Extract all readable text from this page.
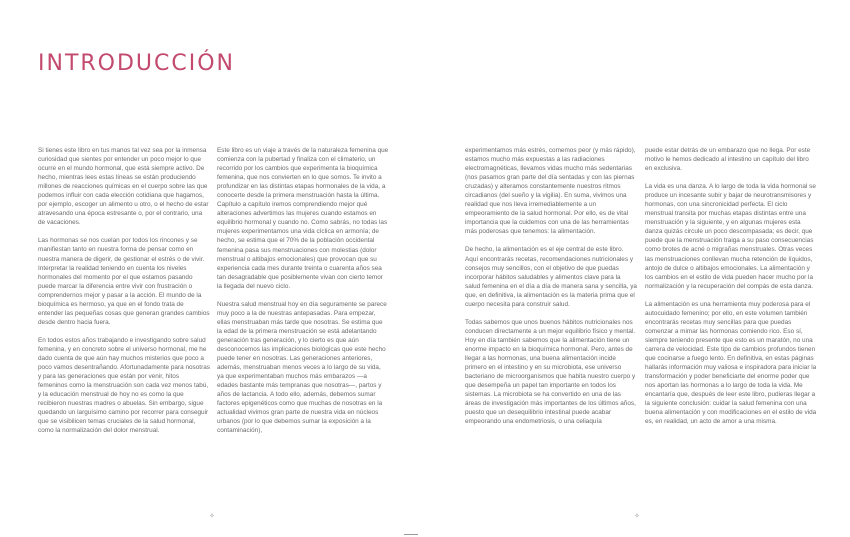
INTRODUCCIÓN

Si tienes este libro en tus manos tal vez sea por la inmensa curiosidad que sientes por entender un poco mejor lo que ocurre en el mundo hormonal, que está siempre activo. De hecho, mientras lees estas líneas se están produciendo millones de reacciones químicas en el cuerpo sobre las que podemos influir con cada elección cotidiana que hagamos, por ejemplo, escoger un alimento u otro, o el hecho de estar atravesando una época estresante o, por el contrario, una de vacaciones.

Las hormonas se nos cuelan por todos los rincones y se manifiestan tanto en nuestra forma de pensar como en nuestra manera de digerir, de gestionar el estrés o de vivir. Interpretar la realidad teniendo en cuenta los niveles hormonales del momento por el que estamos pasando puede marcar la diferencia entre vivir con frustración o comprendernos mejor y pasar a la acción. El mundo de la bioquímica es hermoso, ya que en el fondo trata de entender las pequeñas cosas que generan grandes cambios desde dentro hacia fuera.

En todos estos años trabajando e investigando sobre salud femenina, y en concreto sobre el universo hormonal, me he dado cuenta de que aún hay muchos misterios que poco a poco vamos desentrañando. Afortunadamente para nosotras y para las generaciones que están por venir, hitos femeninos como la menstruación son cada vez menos tabú, y la educación menstrual de hoy no es como la que recibieron nuestras madres o abuelas. Sin embargo, sigue quedando un larguísimo camino por recorrer para conseguir que se visibilicen temas cruciales de la salud hormonal, como la normalización del dolor menstrual.

Este libro es un viaje a través de la naturaleza femenina que comienza con la pubertad y finaliza con el climaterio, un recorrido por los cambios que experimenta la bioquímica femenina, que nos convierten en lo que somos. Te invito a profundizar en las distintas etapas hormonales de la vida, a conocerte desde la primera menstruación hasta la última. Capítulo a capítulo iremos comprendiendo mejor qué alteraciones advertimos las mujeres cuando estamos en equilibrio hormonal y cuando no. Como sabrás, no todas las mujeres experimentamos una vida cíclica en armonía; de hecho, se estima que el 70% de la población occidental femenina pasa sus menstruaciones con molestias (dolor menstrual o altibajos emocionales) que provocan que su experiencia cada mes durante treinta o cuarenta años sea tan desagradable que posiblemente vivan con cierto temor la llegada del nuevo ciclo.

Nuestra salud menstrual hoy en día seguramente se parece muy poco a la de nuestras antepasadas. Para empezar, ellas menstruaban más tarde que nosotras. Se estima que la edad de la primera menstruación se está adelantando generación tras generación, y lo cierto es que aún desconocemos las implicaciones biológicas que este hecho puede tener en nosotras. Las generaciones anteriores, además, menstruaban menos veces a lo largo de su vida, ya que experimentaban muchos más embarazos —a edades bastante más tempranas que nosotras—, partos y años de lactancia. A todo ello, además, debemos sumar factores epigenéticos como que muchas de nosotras en la actualidad vivimos gran parte de nuestra vida en núcleos urbanos (por lo que debemos sumar la exposición a la contaminación),

experimentamos más estrés, comemos peor (y más rápido), estamos mucho más expuestas a las radiaciones electromagnéticas, llevamos vidas mucho más sedentarias (nos pasamos gran parte del día sentadas y con las piernas cruzadas) y alteramos constantemente nuestros ritmos circadianos (del sueño y la vigilia). En suma, vivimos una realidad que nos lleva irremediablemente a un empeoramiento de la salud hormonal. Por ello, es de vital importancia que la cuidemos con una de las herramientas más poderosas que tenemos: la alimentación.

De hecho, la alimentación es el eje central de este libro. Aquí encontrarás recetas, recomendaciones nutricionales y consejos muy sencillos, con el objetivo de que puedas incorporar hábitos saludables y alimentos clave para la salud femenina en el día a día de manera sana y sencilla, ya que, en definitiva, la alimentación es la materia prima que el cuerpo necesita para construir salud.

Todas sabemos que unos buenos hábitos nutricionales nos conducen directamente a un mejor equilibrio físico y mental. Hoy en día también sabemos que la alimentación tiene un enorme impacto en la bioquímica hormonal. Pero, antes de llegar a las hormonas, una buena alimentación incide primero en el intestino y en su microbiota, ese universo bacteriano de microorganismos que habita nuestro cuerpo y que desempeña un papel tan importante en todos los sistemas. La microbiota se ha convertido en una de las áreas de investigación más importantes de los últimos años, puesto que un desequilibrio intestinal puede acabar empeorando una endometriosis, o una celiaquía

puede estar detrás de un embarazo que no llega. Por este motivo le hemos dedicado al intestino un capítulo del libro en exclusiva.

La vida es una danza. A lo largo de toda la vida hormonal se produce un incesante subir y bajar de neurotransmisores y hormonas, con una sincronicidad perfecta. El ciclo menstrual transita por muchas etapas distintas entre una menstruación y la siguiente, y en algunas mujeres esta danza quizás circule un poco descompasada; es decir, que puede que la menstruación traiga a su paso consecuencias como brotes de acné o migrañas menstruales. Otras veces las menstruaciones conllevan mucha retención de líquidos, antojo de dulce o altibajos emocionales. La alimentación y los cambios en el estilo de vida pueden hacer mucho por la normalización y la recuperación del compás de esta danza.

La alimentación es una herramienta muy poderosa para el autocuidado femenino; por ello, en este volumen también encontrarás recetas muy sencillas para que puedas comenzar a mimar las hormonas comiendo rico. Eso sí, siempre teniendo presente que esto es un maratón, no una carrera de velocidad. Este tipo de cambios profundos tienen que cocinarse a fuego lento. En definitiva, en estas páginas hallarás información muy valiosa e inspiradora para iniciar la transformación y poder beneficiarte del enorme poder que nos aportan las hormonas a lo largo de toda la vida. Me encantaría que, después de leer este libro, pudieras llegar a la siguiente conclusión: cuidar la salud femenina con una buena alimentación y con modificaciones en el estilo de vida es, en realidad, un acto de amor a una misma.

✧	✧
